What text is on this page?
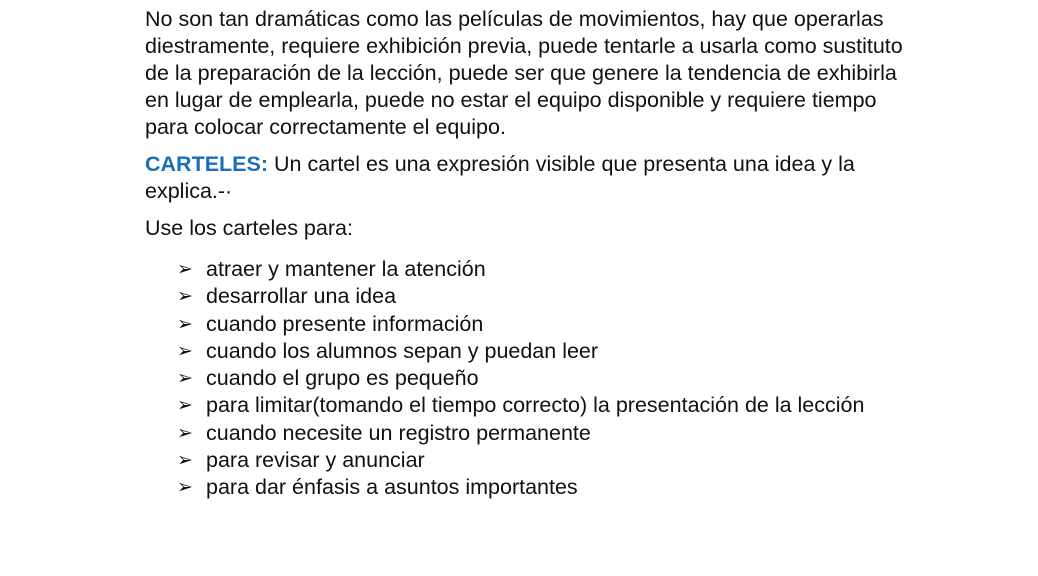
No son tan dramáticas como las películas de movimientos, hay que operarlas diestramente, requiere exhibición previa, puede tentarle a usarla como sustituto de la preparación de la lección, puede ser que genere la tendencia de exhibirla en lugar de emplearla, puede no estar el equipo disponible y requiere tiempo para colocar correctamente el equipo.

CARTELES: Un cartel es una expresión visible que presenta una idea y la explica.-·

Use los carteles para:

➢ atraer y mantener la atención
➢ desarrollar una idea
➢ cuando presente información
➢ cuando los alumnos sepan y puedan leer
➢ cuando el grupo es pequeño
➢ para limitar(tomando el tiempo correcto) la presentación de la lección
➢ cuando necesite un registro permanente
➢ para revisar y anunciar
➢ para dar énfasis a asuntos importantes
